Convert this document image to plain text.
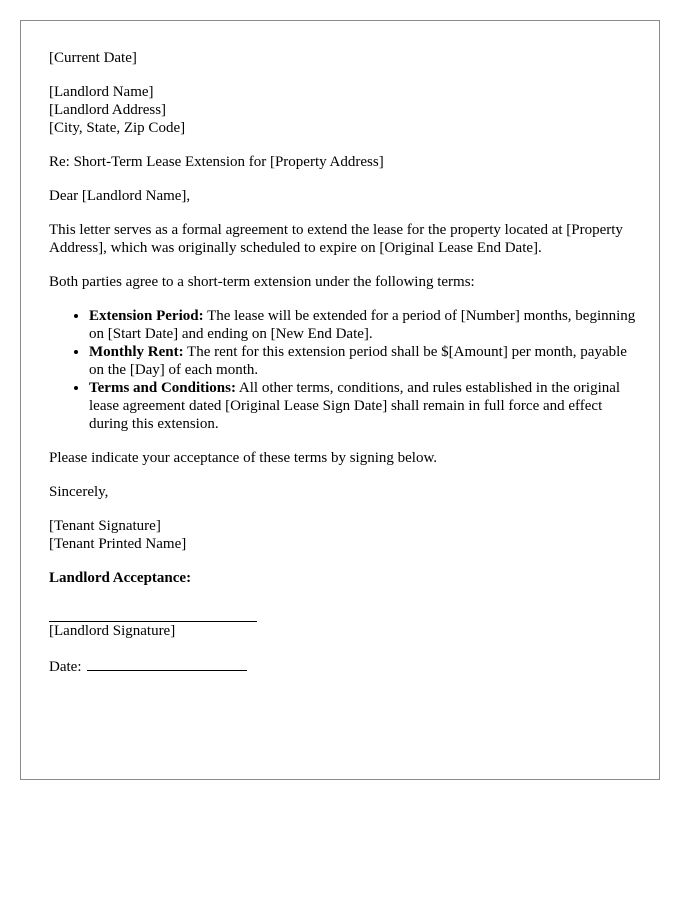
[Current Date]

[Landlord Name]
[Landlord Address]
[City, State, Zip Code]

Re: Short-Term Lease Extension for [Property Address]

Dear [Landlord Name],

This letter serves as a formal agreement to extend the lease for the property located at [Property Address], which was originally scheduled to expire on [Original Lease End Date].

Both parties agree to a short-term extension under the following terms:

• Extension Period: The lease will be extended for a period of [Number] months, beginning on [Start Date] and ending on [New End Date].
• Monthly Rent: The rent for this extension period shall be $[Amount] per month, payable on the [Day] of each month.
• Terms and Conditions: All other terms, conditions, and rules established in the original lease agreement dated [Original Lease Sign Date] shall remain in full force and effect during this extension.

Please indicate your acceptance of these terms by signing below.

Sincerely,

[Tenant Signature]
[Tenant Printed Name]
Landlord Acceptance:
[Landlord Signature]
Date:
